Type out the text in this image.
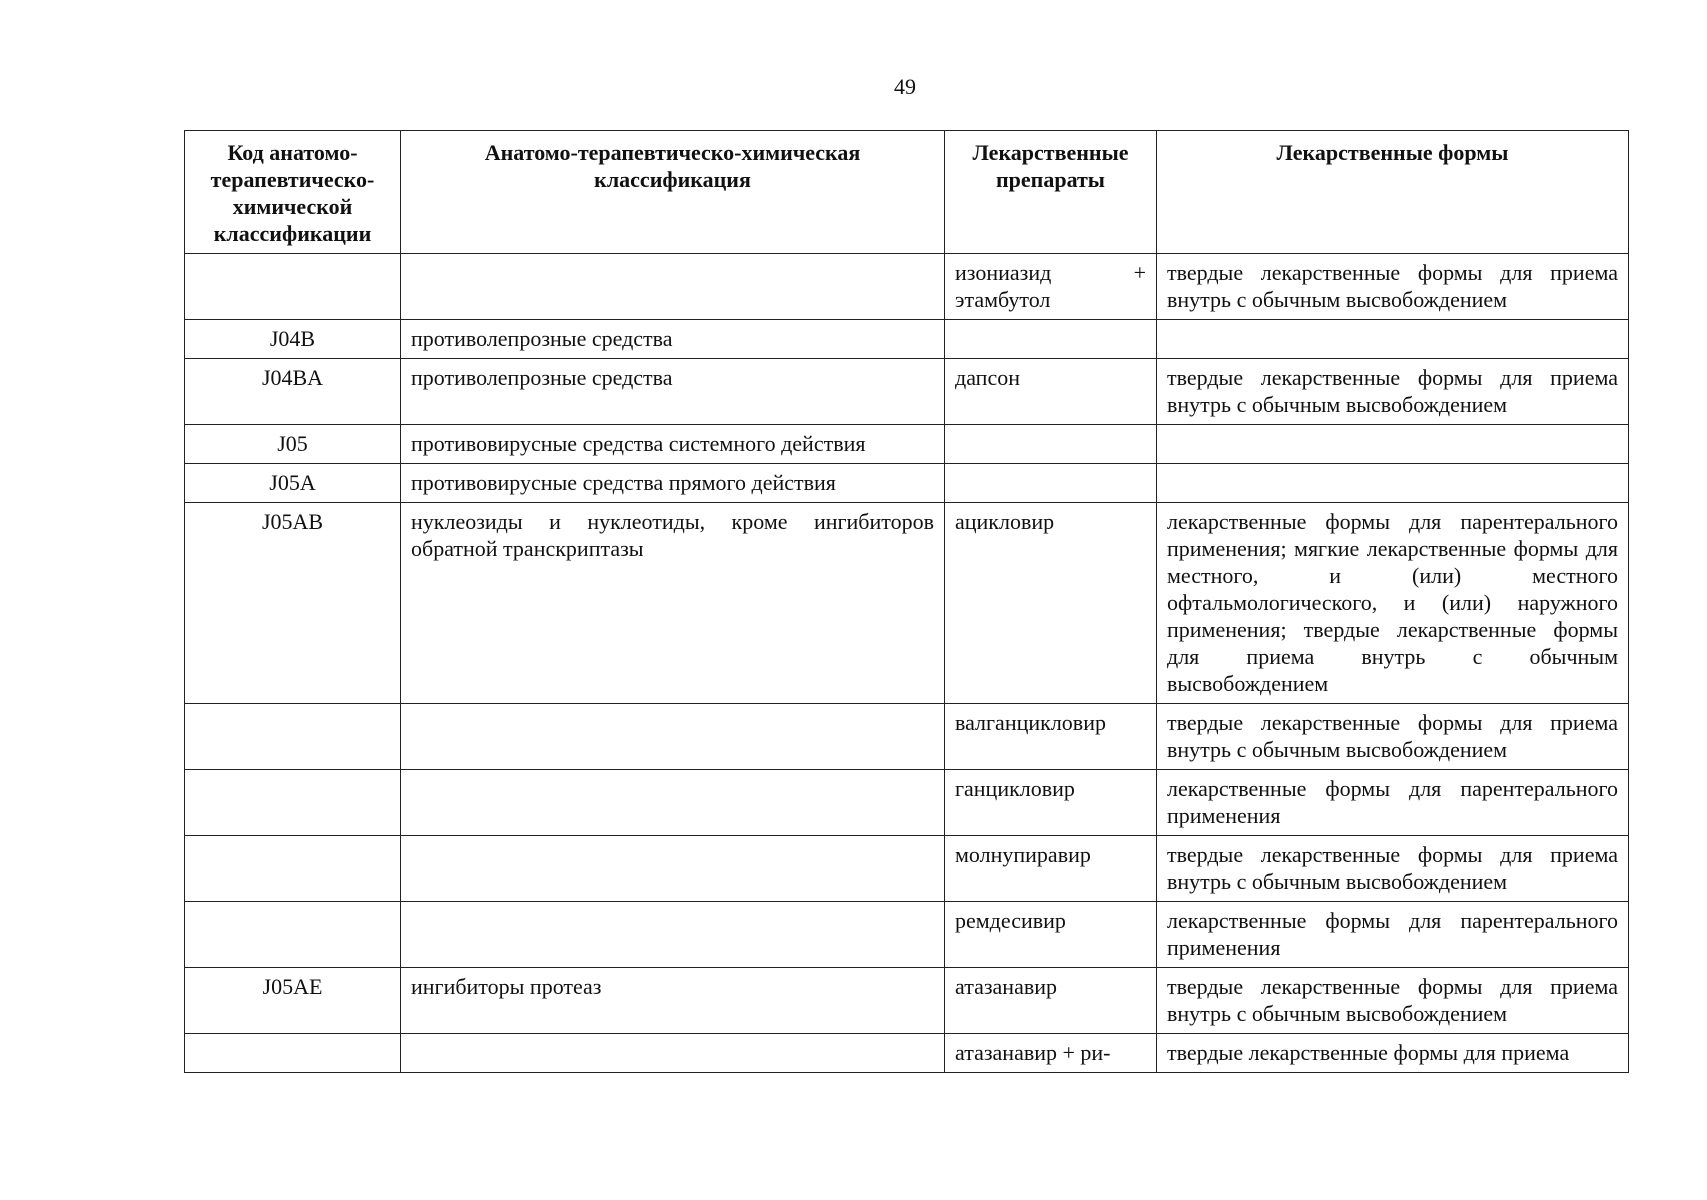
49
Код анатомо-терапевтическо-химической классификации	Анатомо-терапевтическо-химическая классификация	Лекарственные препараты	Лекарственные формы
		изониазид + этамбутол	твердые лекарственные формы для приема внутрь с обычным высвобождением
J04B	противолепрозные средства		
J04BA	противолепрозные средства	дапсон	твердые лекарственные формы для приема внутрь с обычным высвобождением
J05	противовирусные средства системного действия		
J05A	противовирусные средства прямого действия		
J05AB	нуклеозиды и нуклеотиды, кроме ингибиторов обратной транскриптазы	ацикловир	лекарственные формы для парентерального применения; мягкие лекарственные формы для местного, и (или) местного офтальмологического, и (или) наружного применения; твердые лекарственные формы для приема внутрь с обычным высвобождением
		валганцикловир	твердые лекарственные формы для приема внутрь с обычным высвобождением
		ганцикловир	лекарственные формы для парентерального применения
		молнупиравир	твердые лекарственные формы для приема внутрь с обычным высвобождением
		ремдесивир	лекарственные формы для парентерального применения
J05AE	ингибиторы протеаз	атазанавир	твердые лекарственные формы для приема внутрь с обычным высвобождением
		атазанавир + ри-	твердые лекарственные формы для приема
